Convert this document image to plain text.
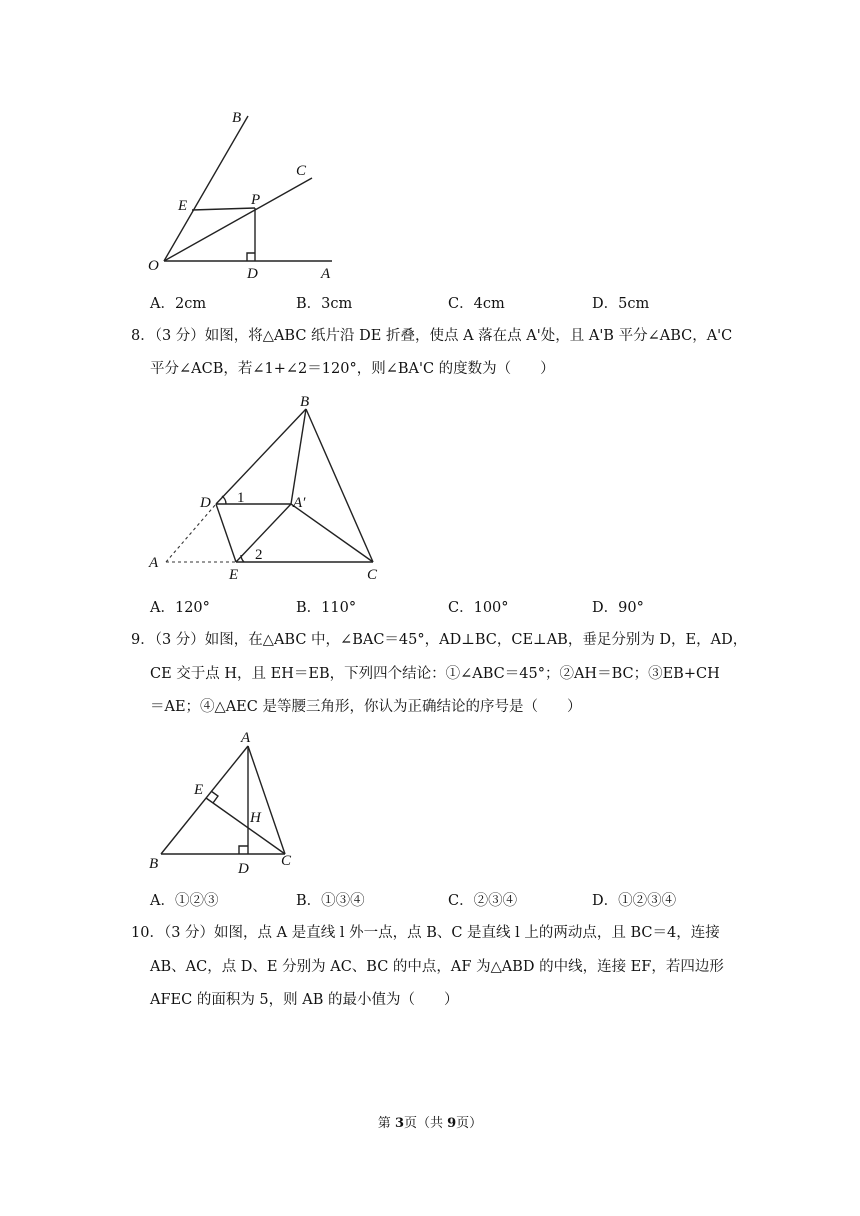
B
C
E	P
O	D	A
A．2cm	B．3cm	C．4cm	D．5cm
8．（3 分）如图，将△ABC 纸片沿 DE 折叠，使点 A 落在点 A'处，且 A'B 平分∠ABC，A'C
平分∠ACB，若∠1+∠2＝120°，则∠BA'C 的度数为（　　）
B
D 1	A′
A	2
E	C
A．120°	B．110°	C．100°	D．90°
9．（3 分）如图，在△ABC 中，∠BAC＝45°，AD⊥BC，CE⊥AB，垂足分别为 D，E，AD，
CE 交于点 H，且 EH＝EB，下列四个结论：①∠ABC＝45°；②AH＝BC；③EB+CH
＝AE；④△AEC 是等腰三角形，你认为正确结论的序号是（　　）
A
E
H
B	D C
A．①②③	B．①③④	C．②③④	D．①②③④
10．（3 分）如图，点 A 是直线 l 外一点，点 B、C 是直线 l 上的两动点，且 BC＝4，连接
AB、AC，点 D、E 分别为 AC、BC 的中点，AF 为△ABD 的中线，连接 EF，若四边形
AFEC 的面积为 5，则 AB 的最小值为（　　）
第 3页（共 9页）
